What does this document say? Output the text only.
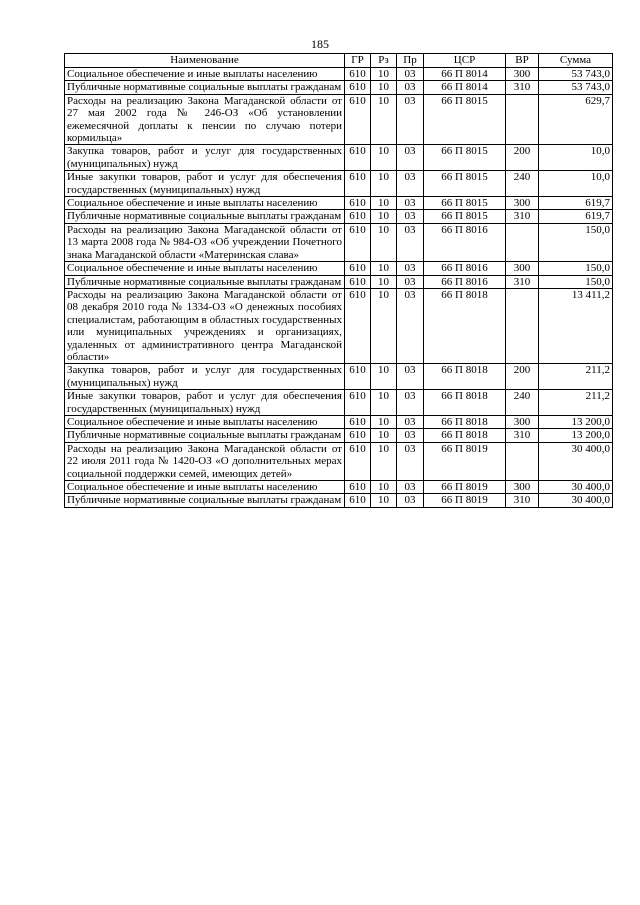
185
Наименование	ГР	Рз	Пр	ЦСР	ВР	Сумма
Социальное обеспечение и иные выплаты населению	610	10	03	66 П 8014	300	53 743,0
Публичные нормативные социальные выплаты гражданам	610	10	03	66 П 8014	310	53 743,0
Расходы на реализацию Закона Магаданской области от 27 мая 2002 года № 246-ОЗ «Об установлении ежемесячной доплаты к пенсии по случаю потери кормильца»	610	10	03	66 П 8015		629,7
Закупка товаров, работ и услуг для государственных (муниципальных) нужд	610	10	03	66 П 8015	200	10,0
Иные закупки товаров, работ и услуг для обеспечения государственных (муниципальных) нужд	610	10	03	66 П 8015	240	10,0
Социальное обеспечение и иные выплаты населению	610	10	03	66 П 8015	300	619,7
Публичные нормативные социальные выплаты гражданам	610	10	03	66 П 8015	310	619,7
Расходы на реализацию Закона Магаданской области от 13 марта 2008 года № 984-ОЗ «Об учреждении Почетного знака Магаданской области «Материнская слава»	610	10	03	66 П 8016		150,0
Социальное обеспечение и иные выплаты населению	610	10	03	66 П 8016	300	150,0
Публичные нормативные социальные выплаты гражданам	610	10	03	66 П 8016	310	150,0
Расходы на реализацию Закона Магаданской области от 08 декабря 2010 года № 1334-ОЗ «О денежных пособиях специалистам, работающим в областных государственных или муниципальных учреждениях и организациях, удаленных от административного центра Магаданской области»	610	10	03	66 П 8018		13 411,2
Закупка товаров, работ и услуг для государственных (муниципальных) нужд	610	10	03	66 П 8018	200	211,2
Иные закупки товаров, работ и услуг для обеспечения государственных (муниципальных) нужд	610	10	03	66 П 8018	240	211,2
Социальное обеспечение и иные выплаты населению	610	10	03	66 П 8018	300	13 200,0
Публичные нормативные социальные выплаты гражданам	610	10	03	66 П 8018	310	13 200,0
Расходы на реализацию Закона Магаданской области от 22 июля 2011 года № 1420-ОЗ «О дополнительных мерах социальной поддержки семей, имеющих детей»	610	10	03	66 П 8019		30 400,0
Социальное обеспечение и иные выплаты населению	610	10	03	66 П 8019	300	30 400,0
Публичные нормативные социальные выплаты гражданам	610	10	03	66 П 8019	310	30 400,0
